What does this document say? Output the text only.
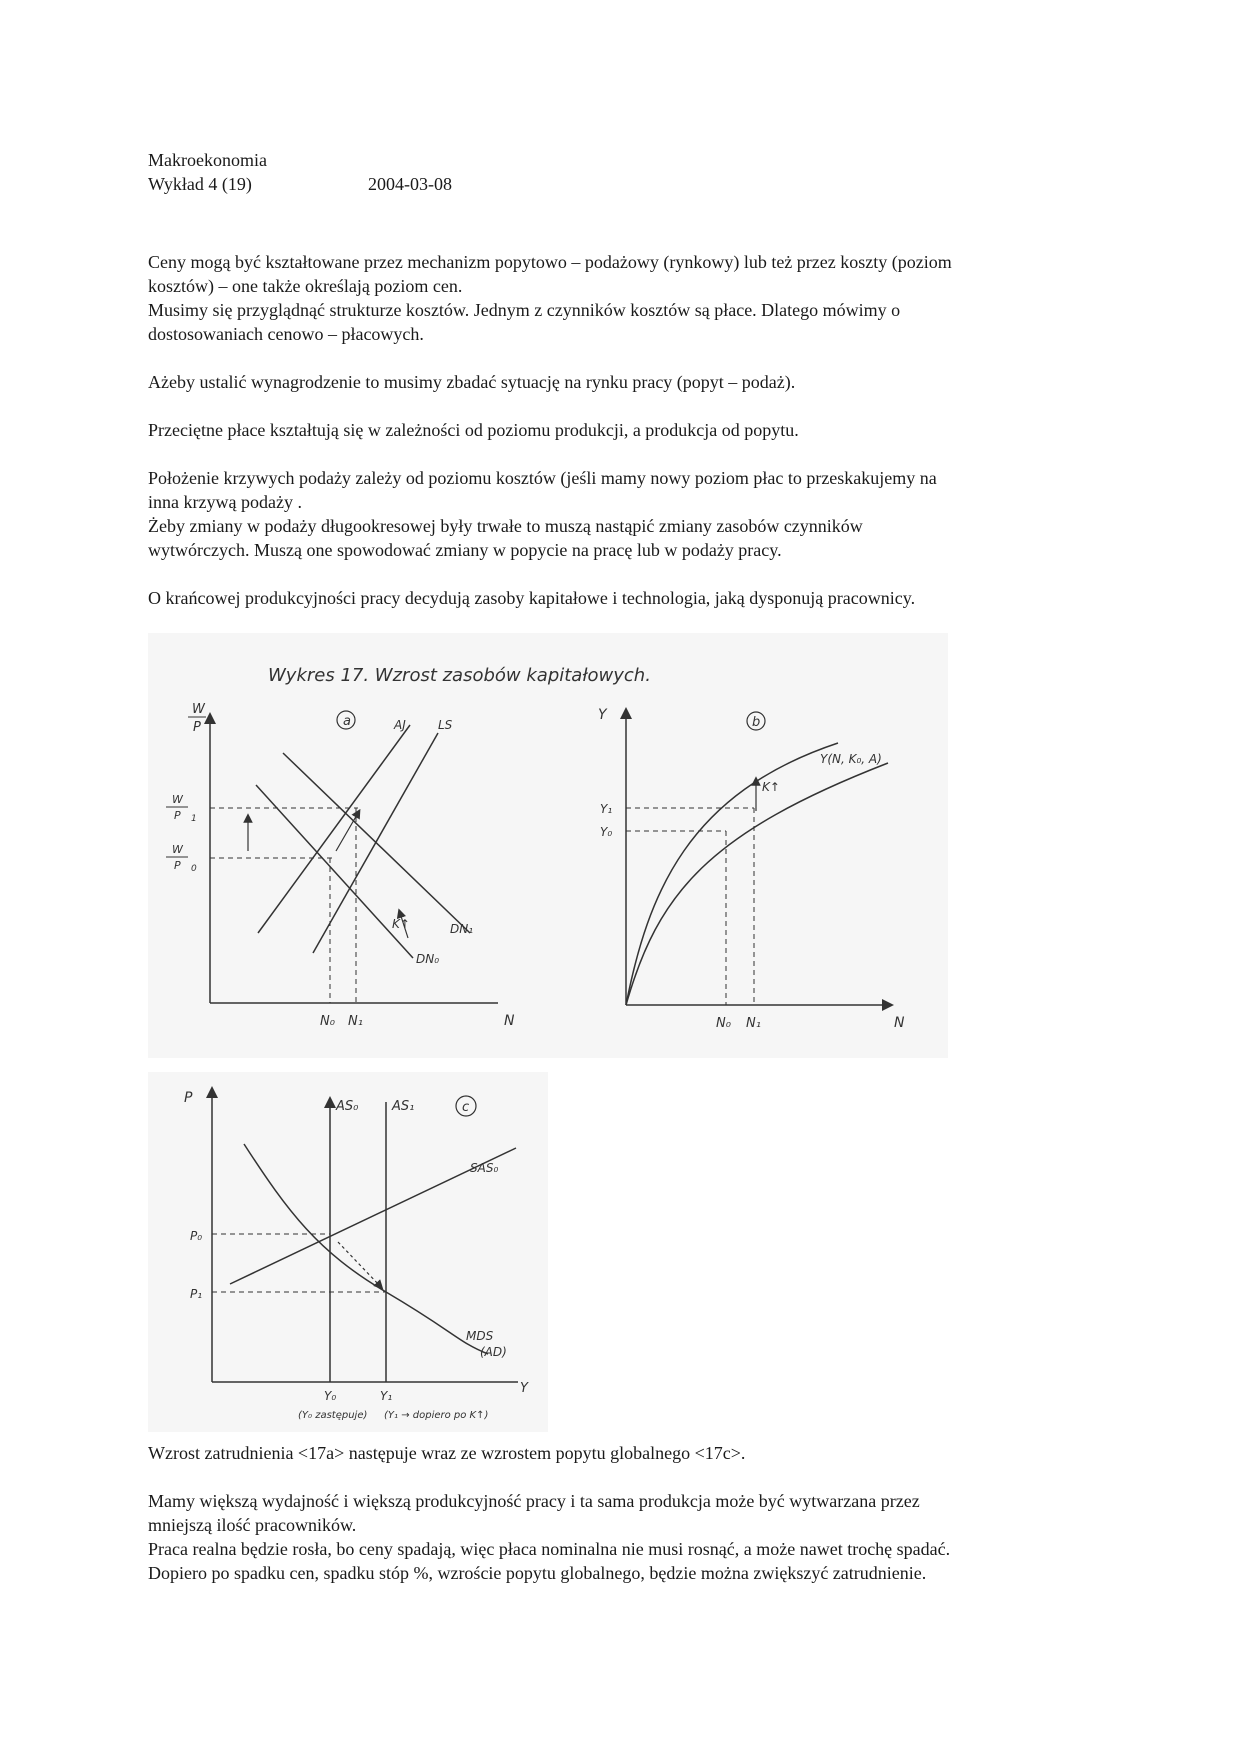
Makroekonomia
Wykład 4 (19)	2004-03-08
Ceny mogą być kształtowane przez mechanizm popytowo – podażowy (rynkowy) lub też przez koszty (poziom
kosztów) – one także określają poziom cen.
Musimy się przyglądnąć strukturze kosztów. Jednym z czynników kosztów są płace. Dlatego mówimy o
dostosowaniach cenowo – płacowych.
Ażeby ustalić wynagrodzenie to musimy zbadać sytuację na rynku pracy (popyt – podaż).
Przeciętne płace kształtują się w zależności od poziomu produkcji, a produkcja od popytu.
Położenie krzywych podaży zależy od poziomu kosztów (jeśli mamy nowy poziom płac to przeskakujemy na
inna krzywą podaży .
Żeby zmiany w podaży długookresowej były trwałe to muszą nastąpić zmiany zasobów czynników
wytwórczych. Muszą one spowodować zmiany w popycie na pracę lub w podaży pracy.
O krańcowej produkcyjności pracy decydują zasoby kapitałowe i technologia, jaką dysponują pracownicy.
Wykres 17. Wzrost zasobów kapitałowych.
a
W
P
W
P 1
W
P 0
N₀ N₁	N
AJ	LS
DN₁
DN₀
K↑
b
Y
Y₁
Y₀
N₀ N₁	N
Y(N, K₀, A)
K↑
c
P
P₀
P₁
AS₀	AS₁
SAS₀
MDS
(AD)
Y₀	Y₁	Y
(Y₀ zastępuje) (Y₁ → dopiero po K↑)
Wzrost zatrudnienia <17a> następuje wraz ze wzrostem popytu globalnego <17c>.
Mamy większą wydajność i większą produkcyjność pracy i ta sama produkcja może być wytwarzana przez
mniejszą ilość pracowników.
Praca realna będzie rosła, bo ceny spadają, więc płaca nominalna nie musi rosnąć, a może nawet trochę spadać.
Dopiero po spadku cen, spadku stóp %, wzroście popytu globalnego, będzie można zwiększyć zatrudnienie.
